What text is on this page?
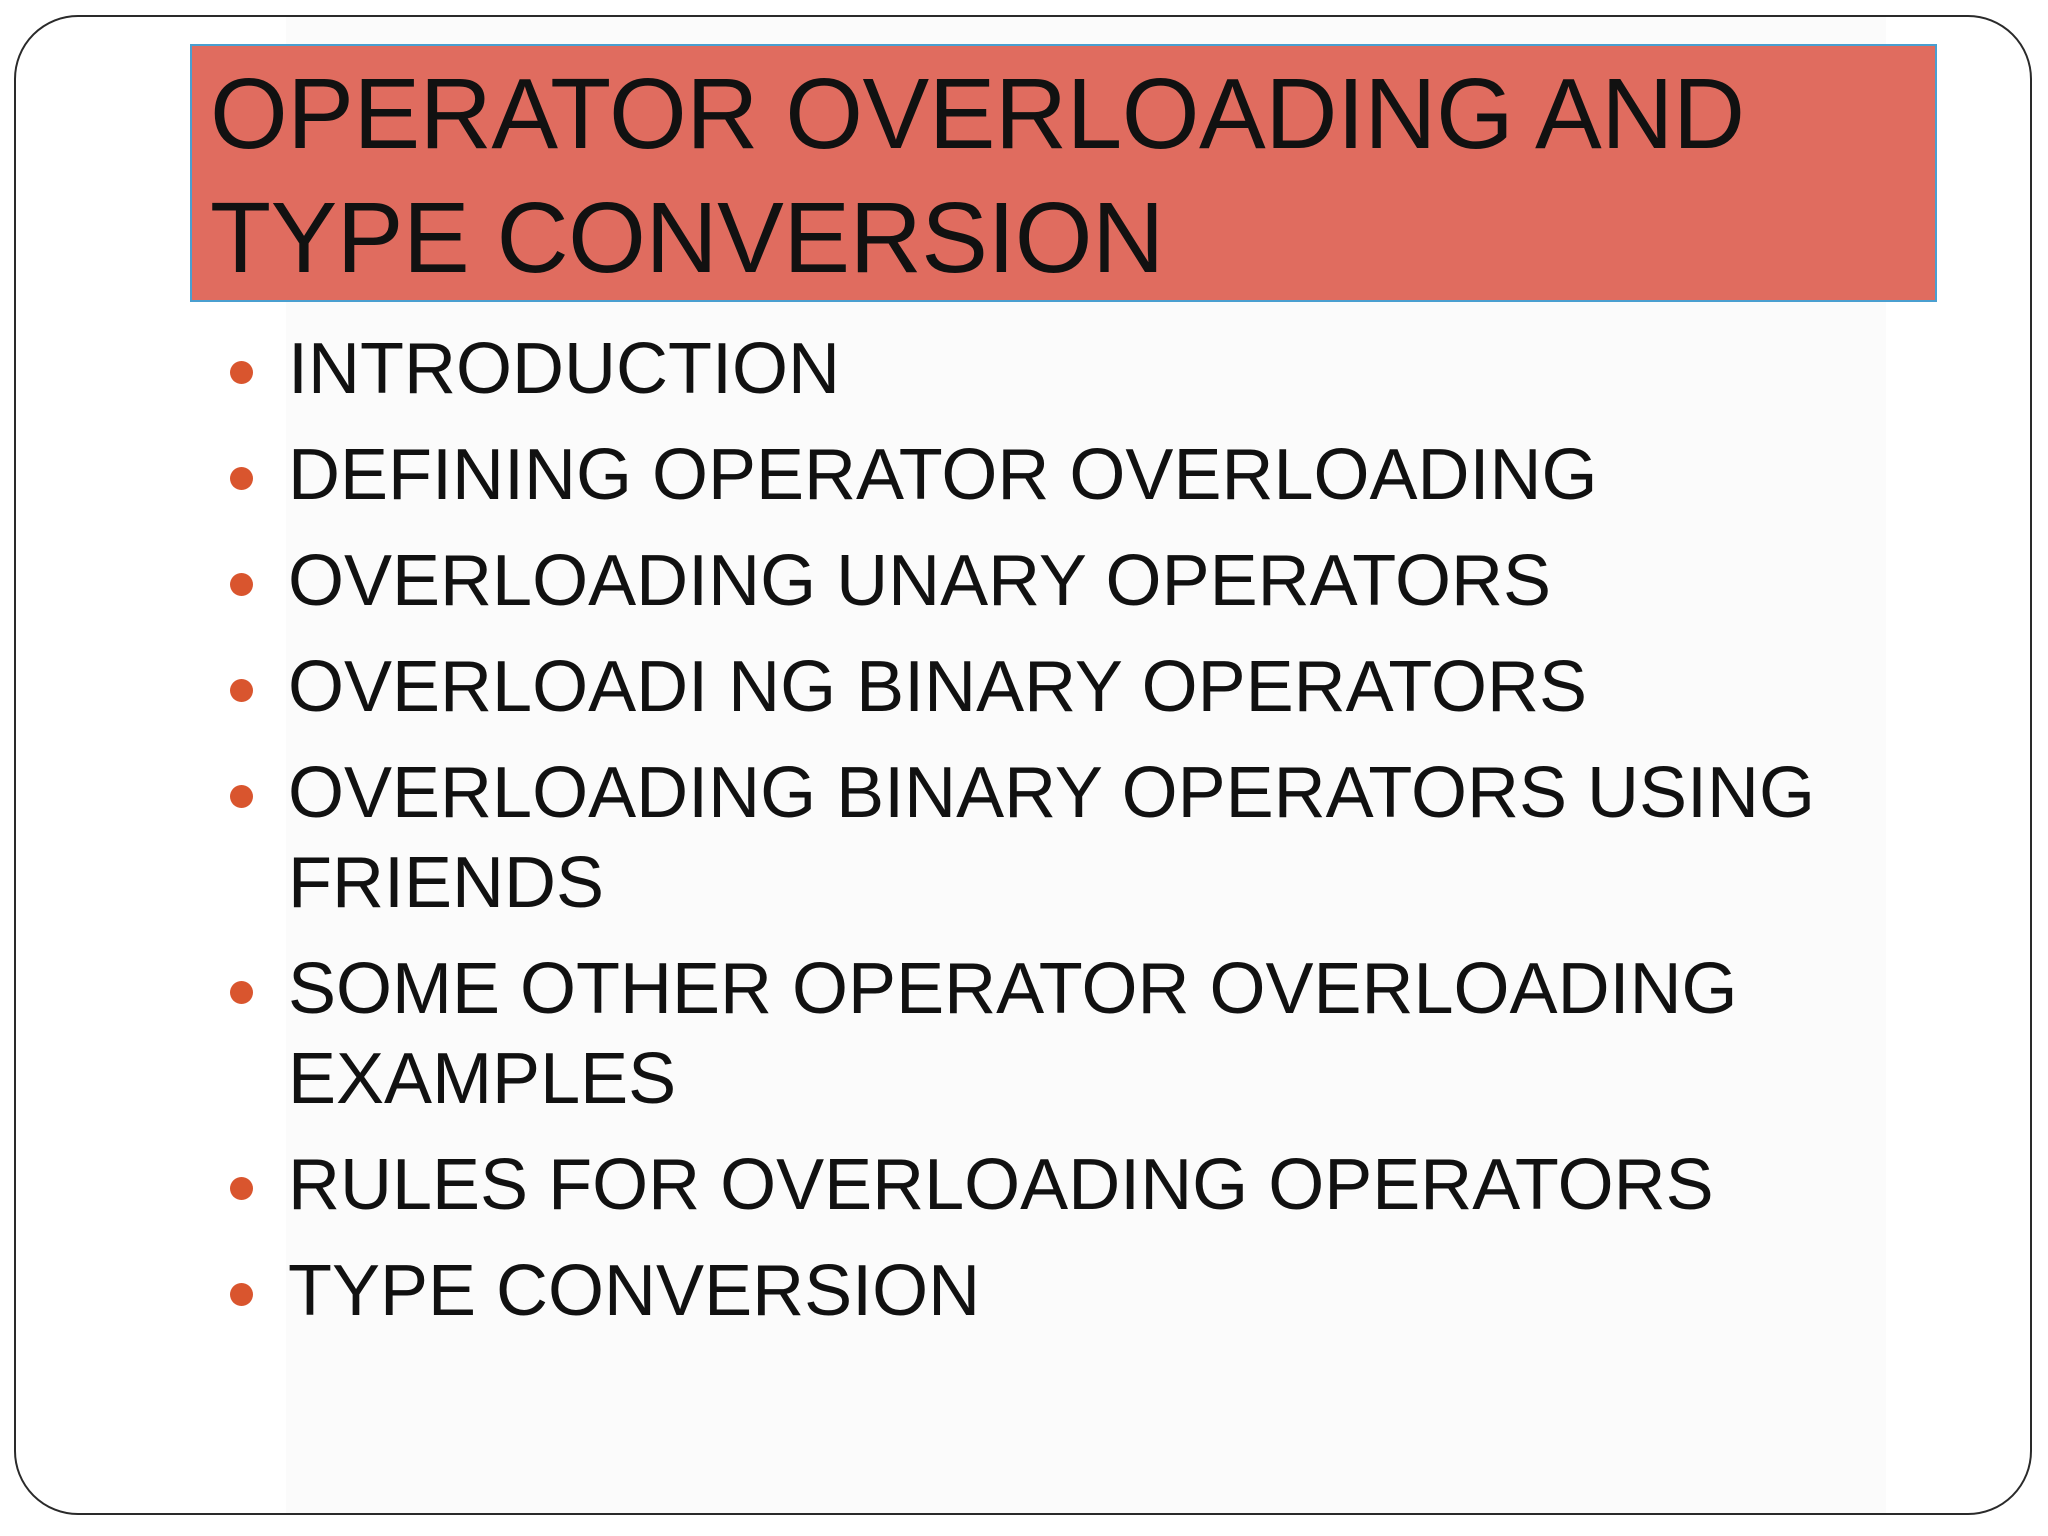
OPERATOR OVERLOADING AND
TYPE CONVERSION
INTRODUCTION
DEFINING OPERATOR OVERLOADING
OVERLOADING UNARY OPERATORS
OVERLOADI NG BINARY OPERATORS
OVERLOADING BINARY OPERATORS USING
FRIENDS
SOME OTHER OPERATOR OVERLOADING
EXAMPLES
RULES FOR OVERLOADING OPERATORS
TYPE CONVERSION
